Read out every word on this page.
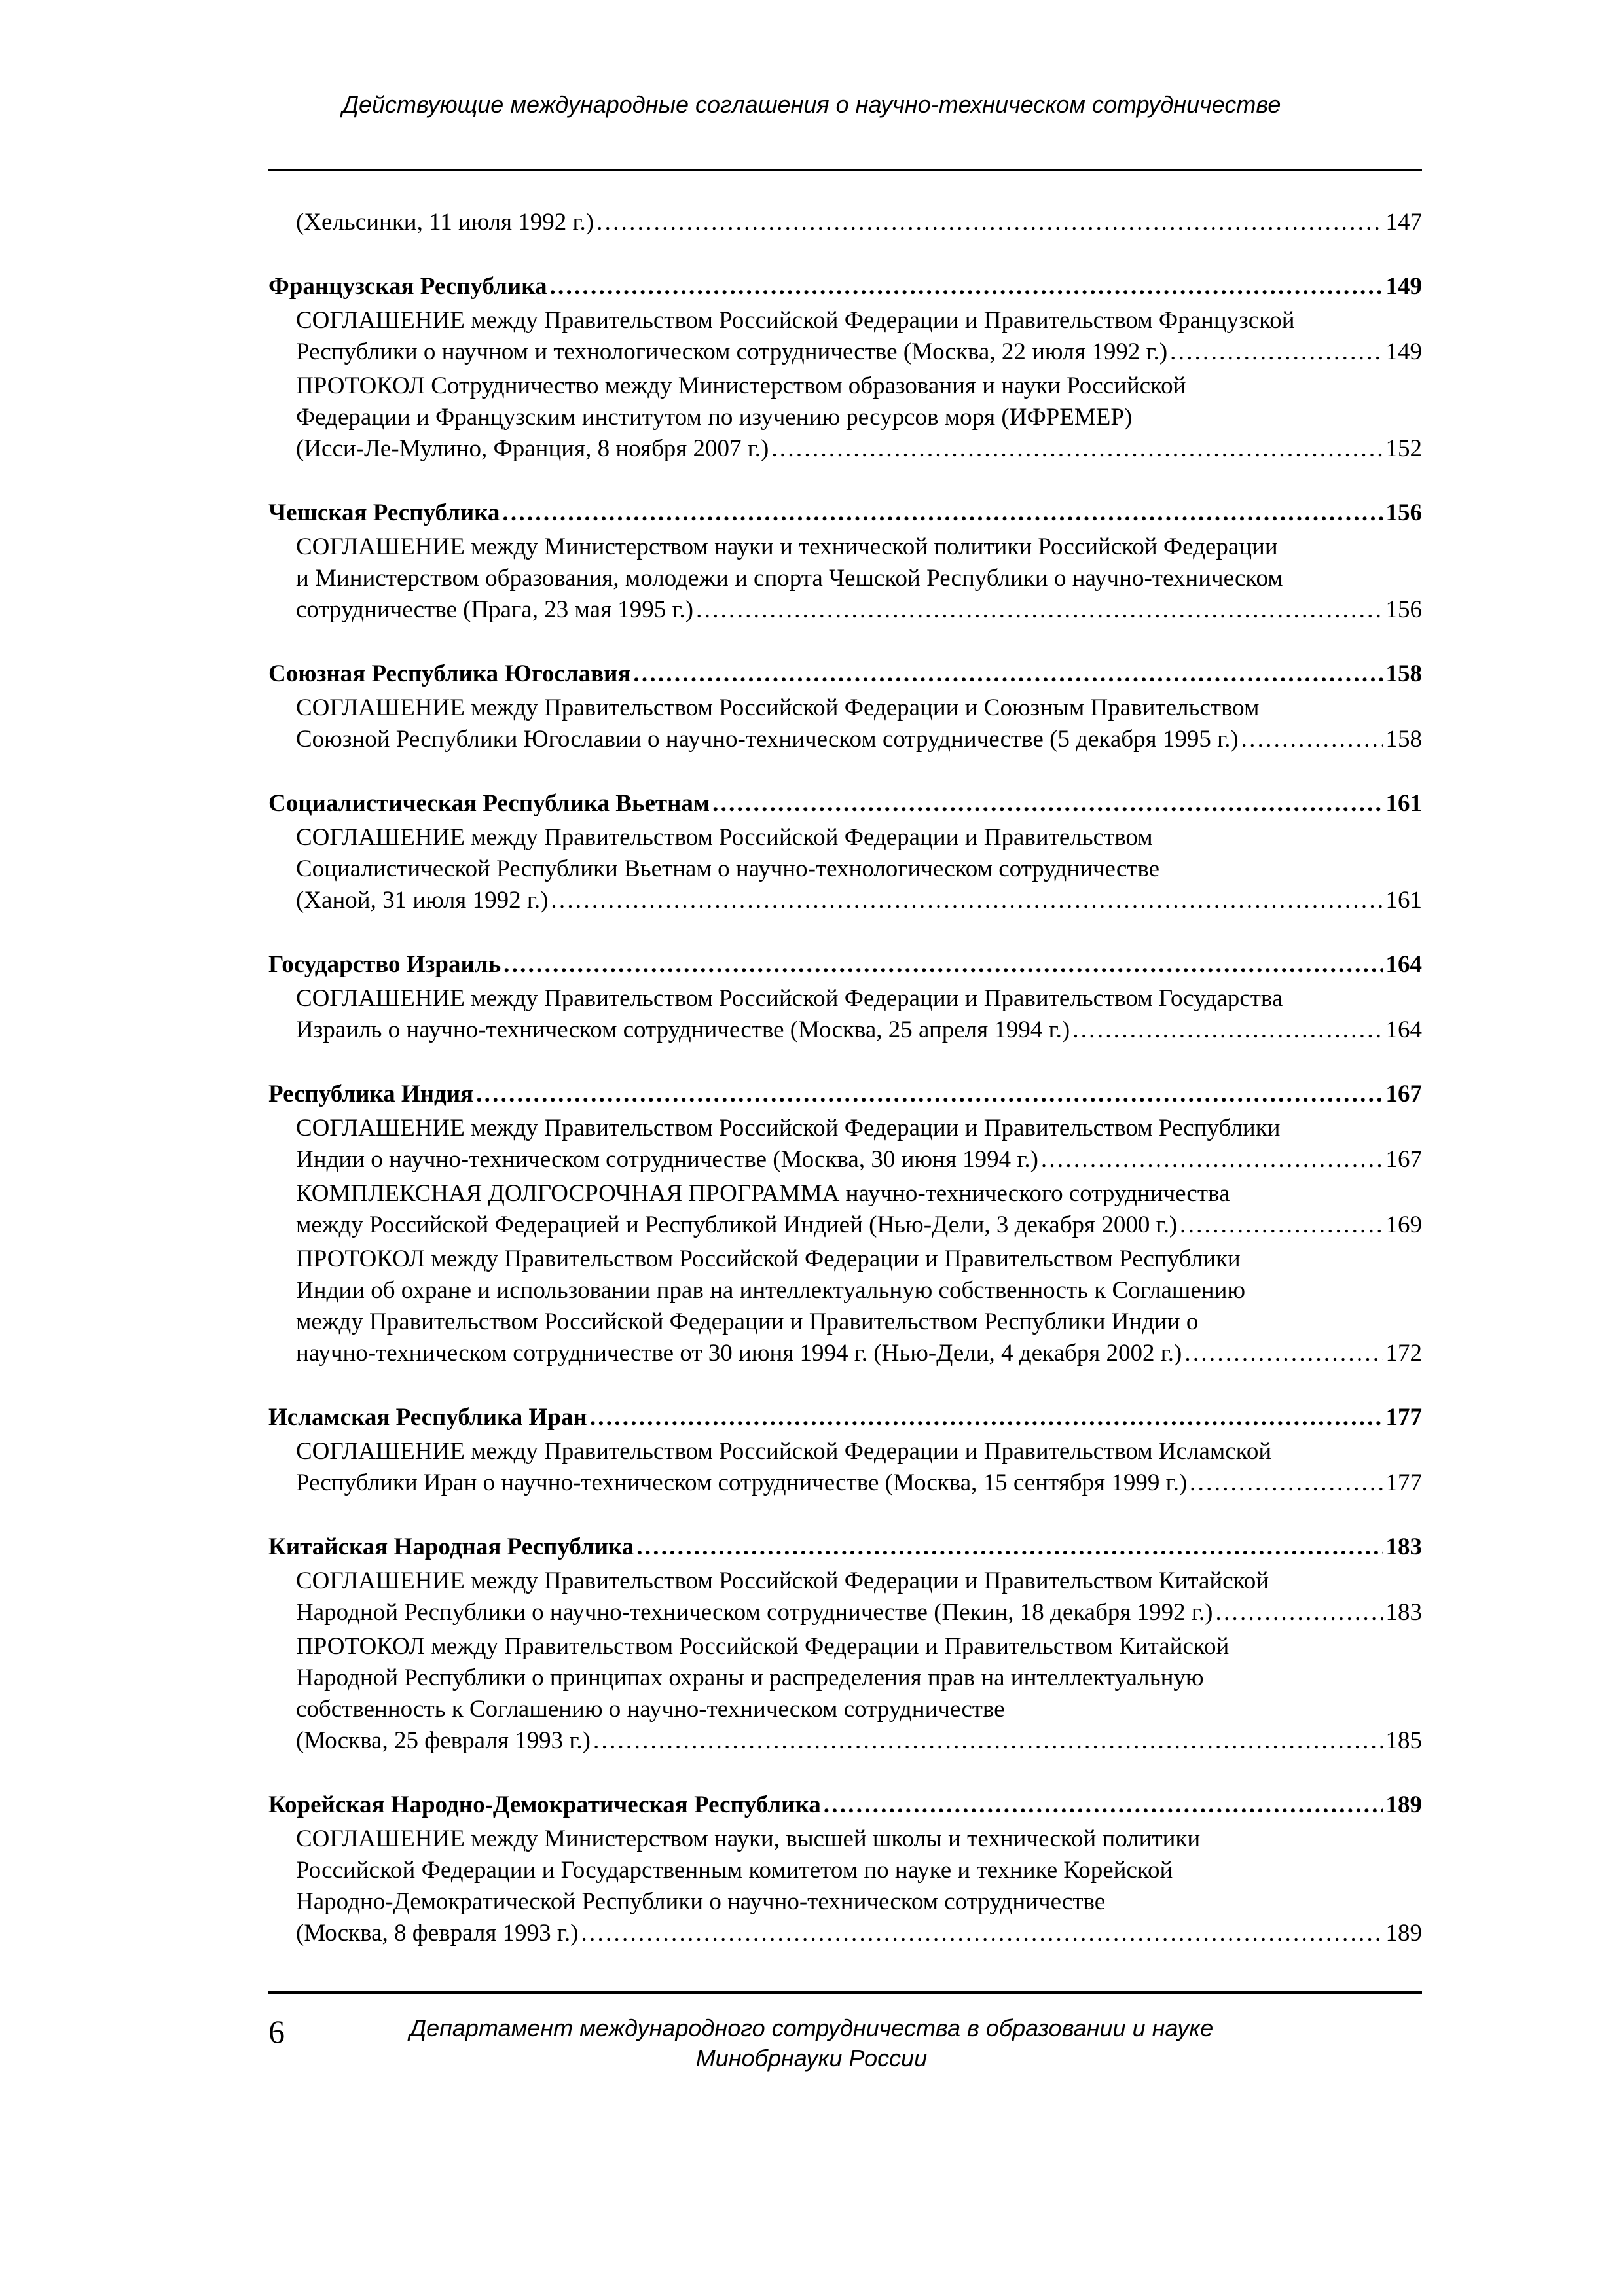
Действующие международные соглашения о научно-техническом сотрудничестве
(Хельсинки, 11 июля 1992 г.) . . .	147
Французская Республика . . .	149
СОГЛАШЕНИЕ между Правительством Российской Федерации и Правительством Французской
Республики о научном и технологическом сотрудничестве (Москва, 22 июля 1992 г.) . . .	149
ПРОТОКОЛ Сотрудничество между Министерством образования и науки Российской
Федерации и Французским институтом по изучению ресурсов моря (ИФРЕМЕР)
(Исси-Ле-Мулино, Франция, 8 ноября 2007 г.) . . .	152
Чешская Республика . . .	156
СОГЛАШЕНИЕ между Министерством науки и технической политики Российской Федерации
и Министерством образования, молодежи и спорта Чешской Республики о научно-техническом
сотрудничестве (Прага, 23 мая 1995 г.) . . .	156
Союзная Республика Югославия . . .	158
СОГЛАШЕНИЕ между Правительством Российской Федерации и Союзным Правительством
Союзной Республики Югославии о научно-техническом сотрудничестве (5 декабря 1995 г.) . . .	158
Социалистическая Республика Вьетнам . . .	161
СОГЛАШЕНИЕ между Правительством Российской Федерации и Правительством
Социалистической Республики Вьетнам о научно-технологическом сотрудничестве
(Ханой, 31 июля 1992 г.) . . .	161
Государство Израиль . . .	164
СОГЛАШЕНИЕ между Правительством Российской Федерации и Правительством Государства
Израиль о научно-техническом сотрудничестве (Москва, 25 апреля 1994 г.) . . .	164
Республика Индия . . .	167
СОГЛАШЕНИЕ между Правительством Российской Федерации и Правительством Республики
Индии о научно-техническом сотрудничестве (Москва, 30 июня 1994 г.) . . .	167
КОМПЛЕКСНАЯ ДОЛГОСРОЧНАЯ ПРОГРАММА научно-технического сотрудничества
между Российской Федерацией и Республикой Индией (Нью-Дели, 3 декабря 2000 г.) . . .	169
ПРОТОКОЛ между Правительством Российской Федерации и Правительством Республики
Индии об охране и использовании прав на интеллектуальную собственность к Соглашению
между Правительством Российской Федерации и Правительством Республики Индии о
научно-техническом сотрудничестве от 30 июня 1994 г. (Нью-Дели, 4 декабря 2002 г.) . . .	172
Исламская Республика Иран . . .	177
СОГЛАШЕНИЕ между Правительством Российской Федерации и Правительством Исламской
Республики Иран о научно-техническом сотрудничестве (Москва, 15 сентября 1999 г.) . . .	177
Китайская Народная Республика . . .	183
СОГЛАШЕНИЕ между Правительством Российской Федерации и Правительством Китайской
Народной Республики о научно-техническом сотрудничестве (Пекин, 18 декабря 1992 г.) . . .	183
ПРОТОКОЛ между Правительством Российской Федерации и Правительством Китайской
Народной Республики о принципах охраны и распределения прав на интеллектуальную
собственность к Соглашению о научно-техническом сотрудничестве
(Москва, 25 февраля 1993 г.) . . .	185
Корейская Народно-Демократическая Республика . . .	189
СОГЛАШЕНИЕ между Министерством науки, высшей школы и технической политики
Российской Федерации и Государственным комитетом по науке и технике Корейской
Народно-Демократической Республики о научно-техническом сотрудничестве
(Москва, 8 февраля 1993 г.) . . .	189
6	Департамент международного сотрудничества в образовании и науке
Минобрнауки России
